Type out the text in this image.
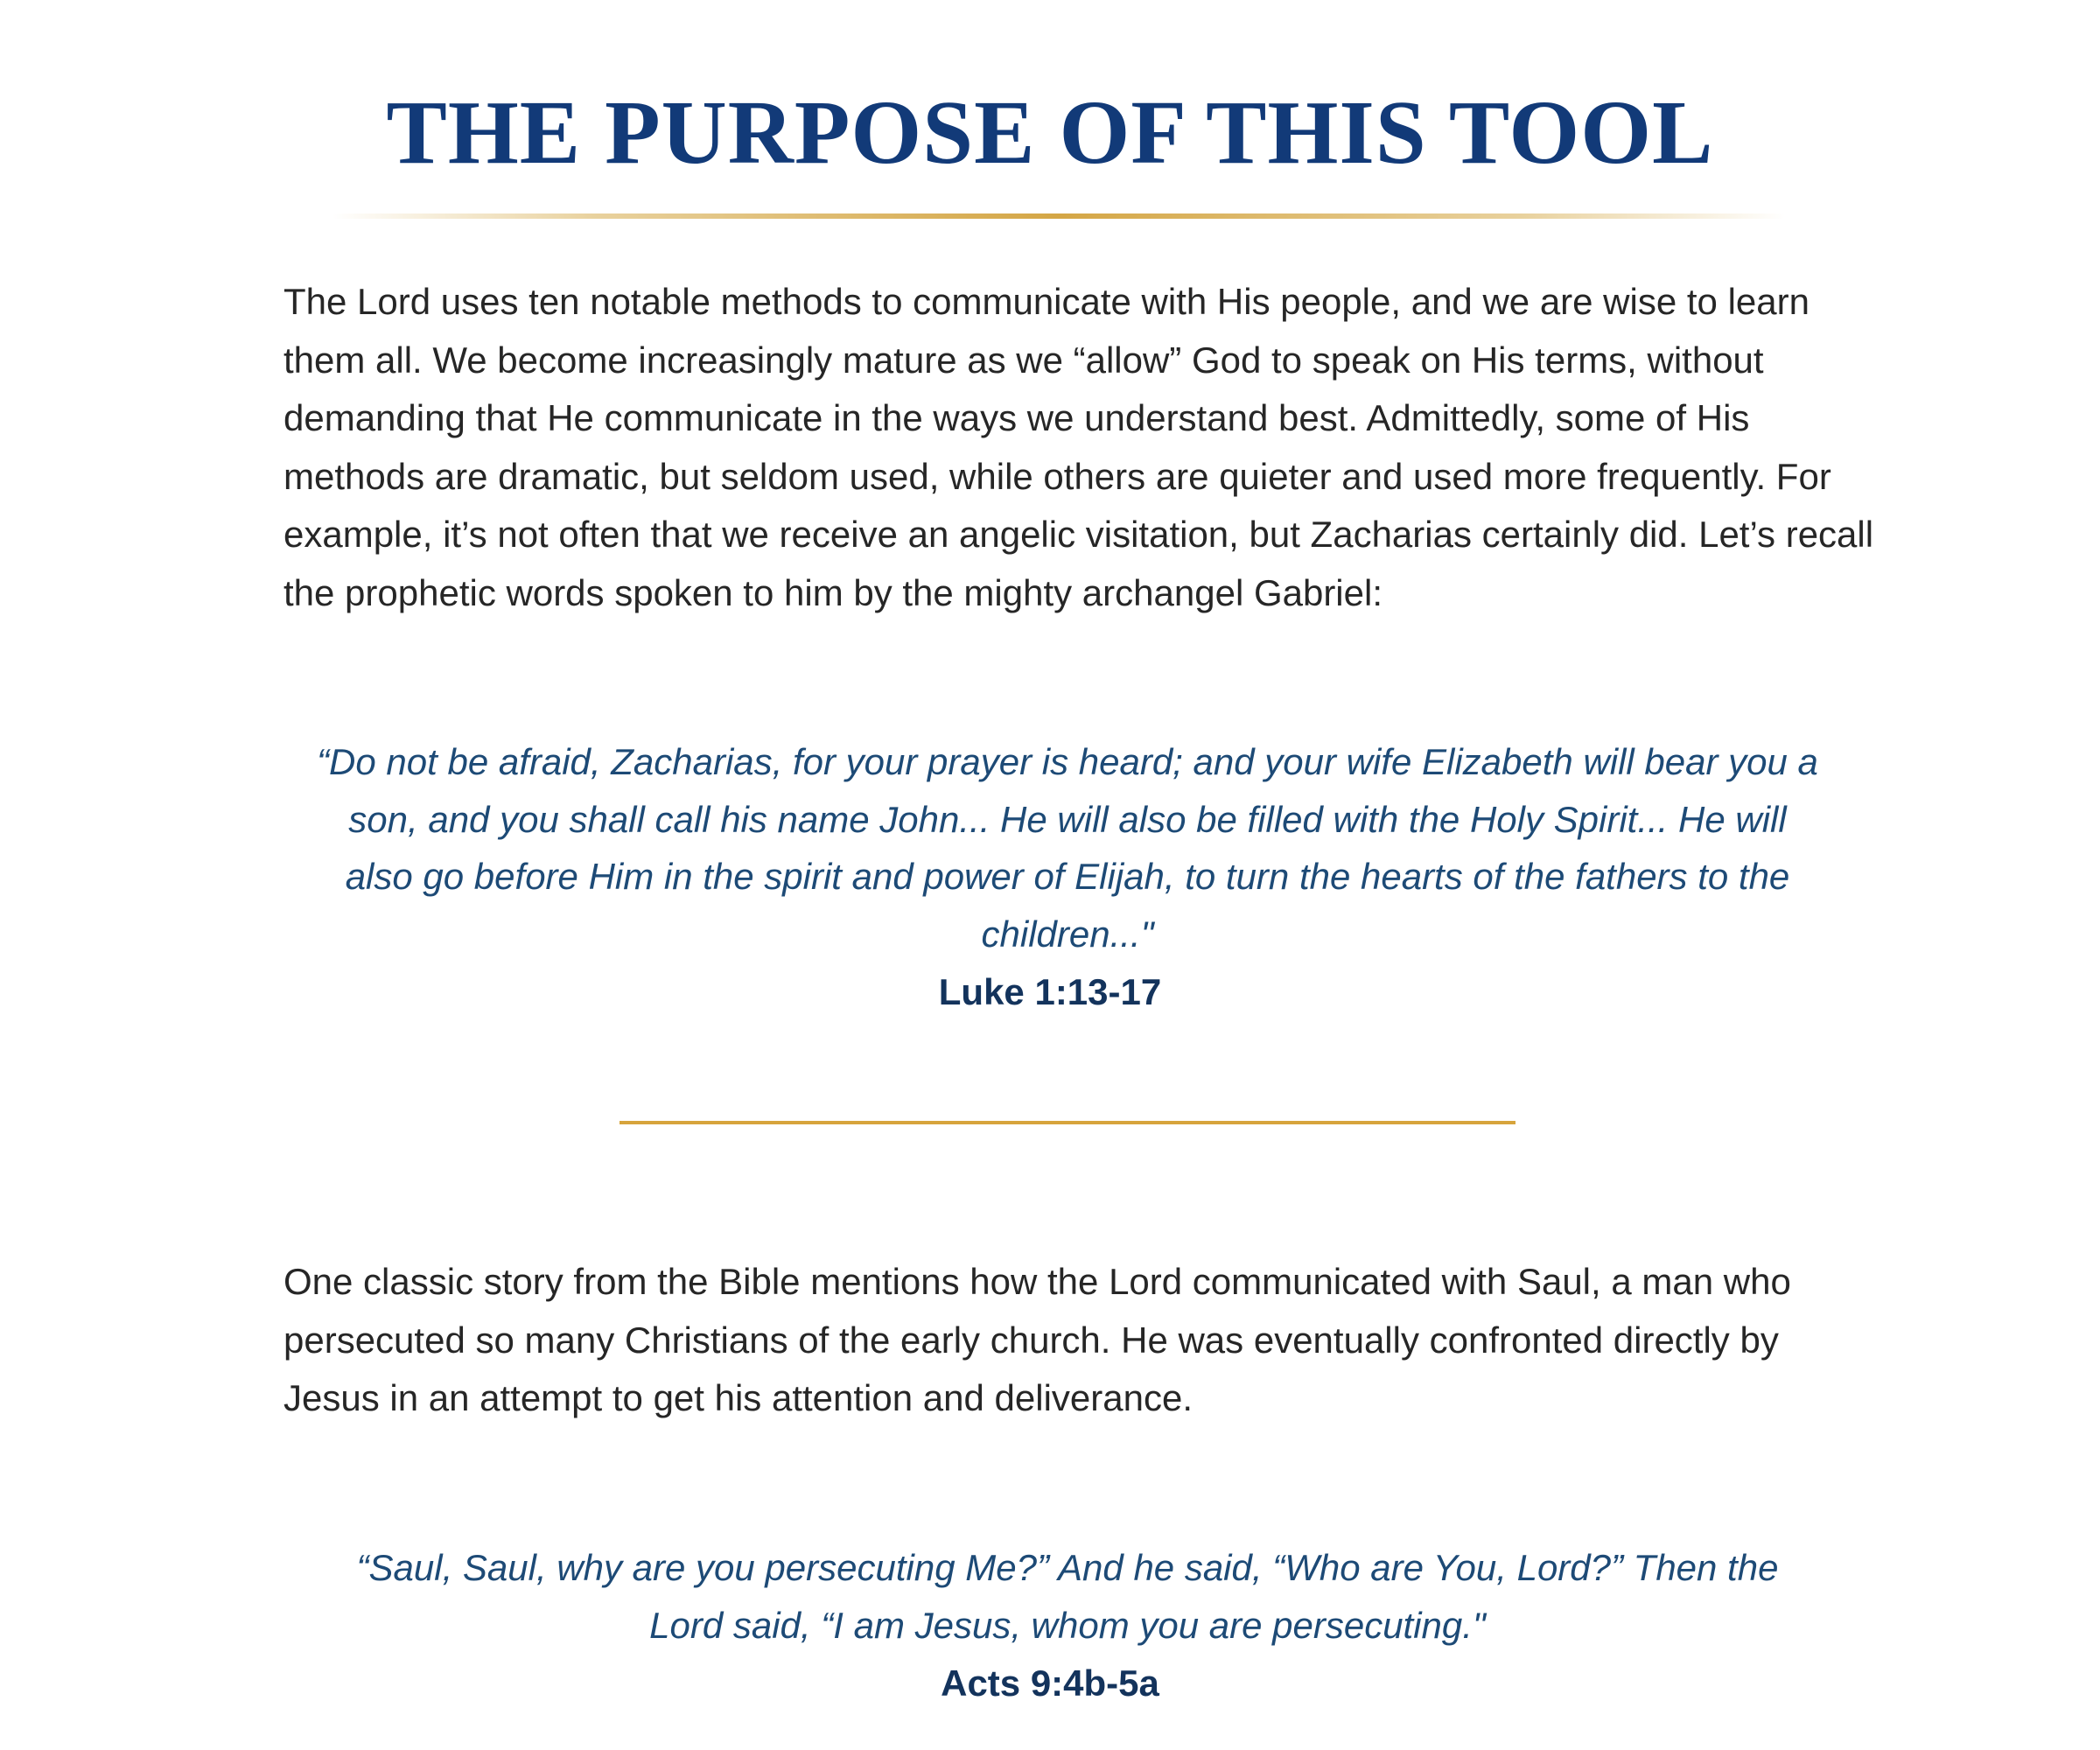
THE PURPOSE OF THIS TOOL

The Lord uses ten notable methods to communicate with His people, and we are wise to learn them all. We become increasingly mature as we “allow” God to speak on His terms, without demanding that He communicate in the ways we understand best. Admittedly, some of His methods are dramatic, but seldom used, while others are quieter and used more frequently. For example, it’s not often that we receive an angelic visitation, but Zacharias certainly did. Let’s recall the prophetic words spoken to him by the mighty archangel Gabriel:

“Do not be afraid, Zacharias, for your prayer is heard; and your wife Elizabeth will bear you a son, and you shall call his name John... He will also be filled with the Holy Spirit... He will also go before Him in the spirit and power of Elijah, to turn the hearts of the fathers to the children..."

Luke 1:13-17

One classic story from the Bible mentions how the Lord communicated with Saul, a man who persecuted so many Christians of the early church. He was eventually confronted directly by Jesus in an attempt to get his attention and deliverance.

“Saul, Saul, why are you persecuting Me?” And he said, “Who are You, Lord?” Then the Lord said, “I am Jesus, whom you are persecuting."

Acts 9:4b-5a
